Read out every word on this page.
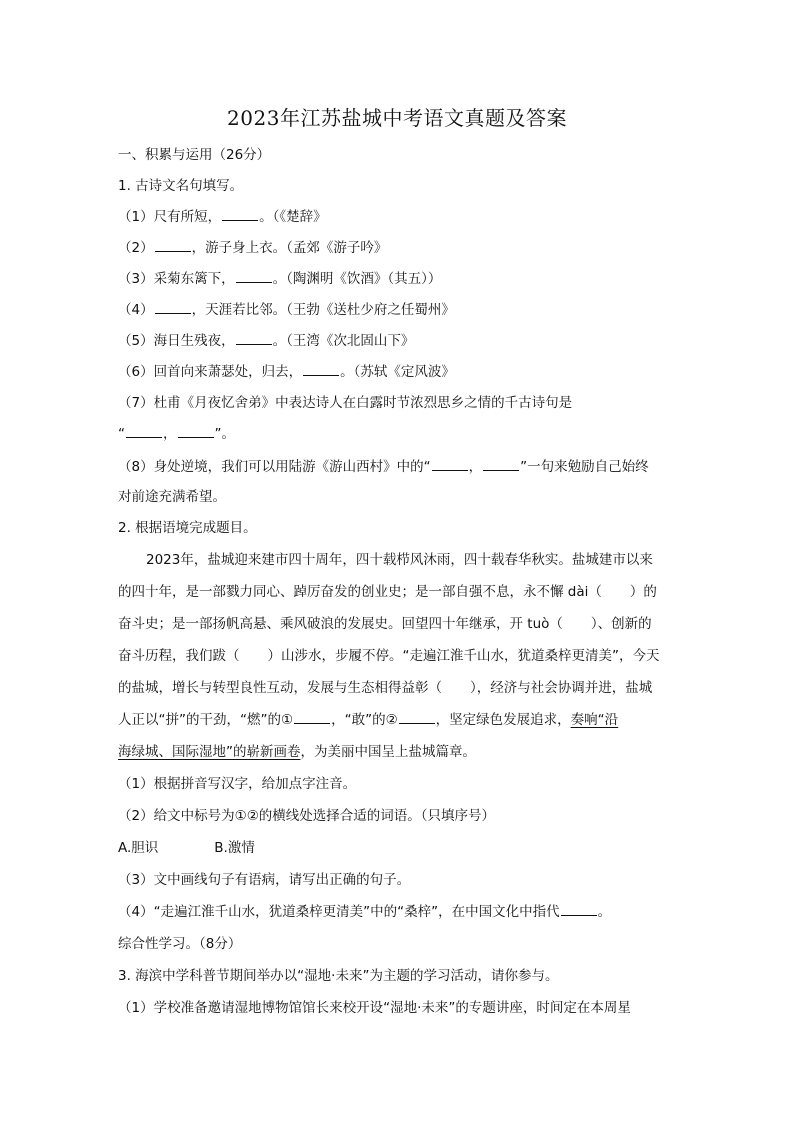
2023年江苏盐城中考语文真题及答案
一、积累与运用（26分）
1. 古诗文名句填写。
（1）尺有所短，	。（《楚辞》
（2）	，游子身上衣。（孟郊《游子吟》
（3）采菊东篱下，	。（陶渊明《饮酒》（其五））
（4）	，天涯若比邻。（王勃《送杜少府之任蜀州》
（5）海日生残夜，	。（王湾《次北固山下》
（6）回首向来萧瑟处，归去，	。（苏轼《定风波》
（7）杜甫《月夜忆舍弟》中表达诗人在白露时节浓烈思乡之情的千古诗句是
“	，	”。
（8）身处逆境，我们可以用陆游《游山西村》中的“	，	”一句来勉励自己始终
对前途充满希望。
2. 根据语境完成题目。
2023年，盐城迎来建市四十周年，四十载栉风沐雨，四十载春华秋实。盐城建市以来
的四十年，是一部戮力同心、踔厉奋发的创业史；是一部自强不息，永不懈 dài（ ）的
奋斗史；是一部扬帆高悬、乘风破浪的发展史。回望四十年继承，开 tuò（ ）、创新的
奋斗历程，我们跋（ ）山涉水，步履不停。“走遍江淮千山水，犹道桑梓更清美”，今天
的盐城，增长与转型良性互动，发展与生态相得益彰（ ），经济与社会协调并进，盐城
人正以“拼”的干劲，“燃”的①	，“敢”的②	，坚定绿色发展追求，奏响“沿
海绿城、国际湿地”的崭新画卷，为美丽中国呈上盐城篇章。
（1）根据拼音写汉字，给加点字注音。
（2）给文中标号为①②的横线处选择合适的词语。（只填序号）
A.胆识	B.激情
（3）文中画线句子有语病，请写出正确的句子。
（4）“走遍江淮千山水，犹道桑梓更清美”中的“桑梓”，在中国文化中指代	。
综合性学习。（8分）
3. 海滨中学科普节期间举办以“湿地·未来”为主题的学习活动，请你参与。
（1）学校准备邀请湿地博物馆馆长来校开设“湿地·未来”的专题讲座，时间定在本周星
